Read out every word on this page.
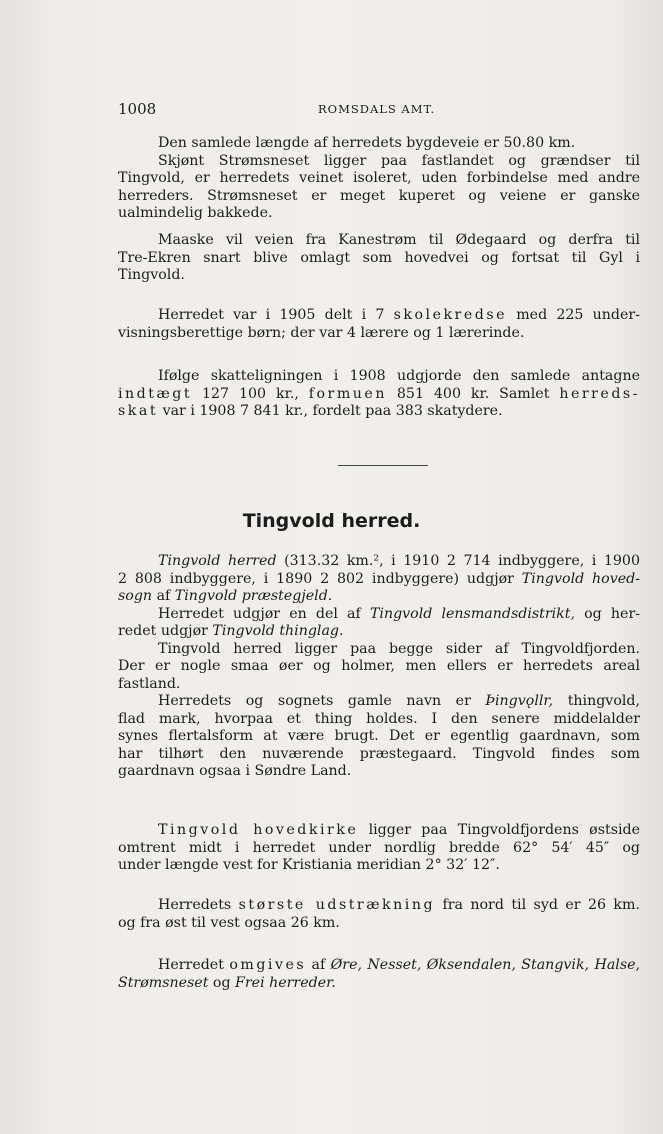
1008	ROMSDALS AMT.
Den samlede længde af herredets bygdeveie er 50.80 km.
Skjønt Strømsneset ligger paa fastlandet og grændser til
Tingvold, er herredets veinet isoleret, uden forbindelse med andre
herreders. Strømsneset er meget kuperet og veiene er ganske
ualmindelig bakkede.
Maaske vil veien fra Kanestrøm til Ødegaard og derfra til
Tre-Ekren snart blive omlagt som hovedvei og fortsat til Gyl i
Tingvold.
Herredet var i 1905 delt i 7 skolekredse med 225 under-
visningsberettige børn; der var 4 lærere og 1 lærerinde.
Ifølge skatteligningen i 1908 udgjorde den samlede antagne
indtægt 127 100 kr., formuen 851 400 kr. Samlet herreds-
skat var i 1908 7 841 kr., fordelt paa 383 skatydere.
Tingvold herred.
Tingvold herred (313.32 km.², i 1910 2 714 indbyggere, i 1900
2 808 indbyggere, i 1890 2 802 indbyggere) udgjør Tingvold hoved-
sogn af Tingvold præstegjeld.
Herredet udgjør en del af Tingvold lensmandsdistrikt, og her-
redet udgjør Tingvold thinglag.
Tingvold herred ligger paa begge sider af Tingvoldfjorden.
Der er nogle smaa øer og holmer, men ellers er herredets areal
fastland.
Herredets og sognets gamle navn er Þingvǫllr, thingvold,
flad mark, hvorpaa et thing holdes. I den senere middelalder
synes flertalsform at være brugt. Det er egentlig gaardnavn, som
har tilhørt den nuværende præstegaard. Tingvold findes som
gaardnavn ogsaa i Søndre Land.
Tingvold hovedkirke ligger paa Tingvoldfjordens østside
omtrent midt i herredet under nordlig bredde 62° 54′ 45″ og
under længde vest for Kristiania meridian 2° 32′ 12″.
Herredets største udstrækning fra nord til syd er 26 km.
og fra øst til vest ogsaa 26 km.
Herredet omgives af Øre, Nesset, Øksendalen, Stangvik, Halse,
Strømsneset og Frei herreder.
